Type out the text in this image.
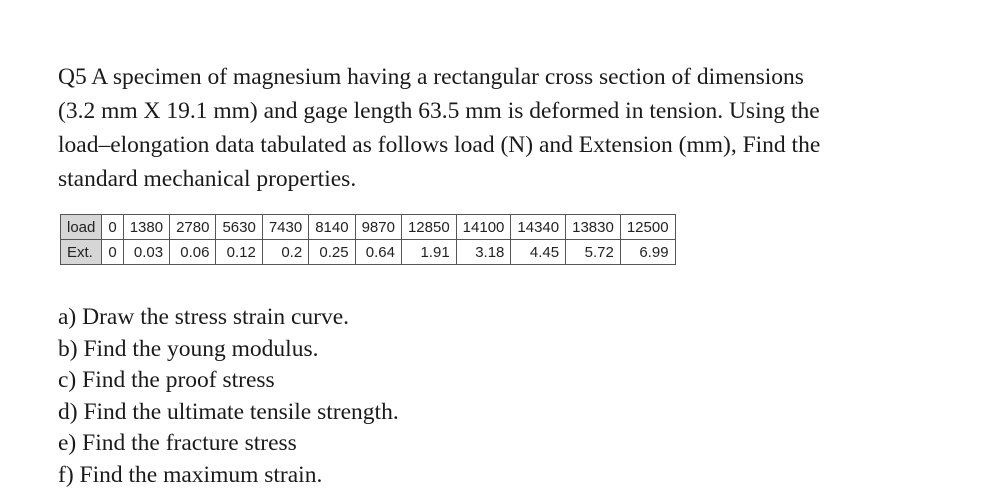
Q5 A specimen of magnesium having a rectangular cross section of dimensions
(3.2 mm X 19.1 mm) and gage length 63.5 mm is deformed in tension. Using the
load–elongation data tabulated as follows load (N) and Extension (mm), Find the
standard mechanical properties.
load	0	1380	2780	5630	7430	8140	9870	12850	14100	14340	13830	12500
Ext.	0	0.03	0.06	0.12	0.2	0.25	0.64	1.91	3.18	4.45	5.72	6.99
a) Draw the stress strain curve.
b) Find the young modulus.
c) Find the proof stress
d) Find the ultimate tensile strength.
e) Find the fracture stress
f) Find the maximum strain.
